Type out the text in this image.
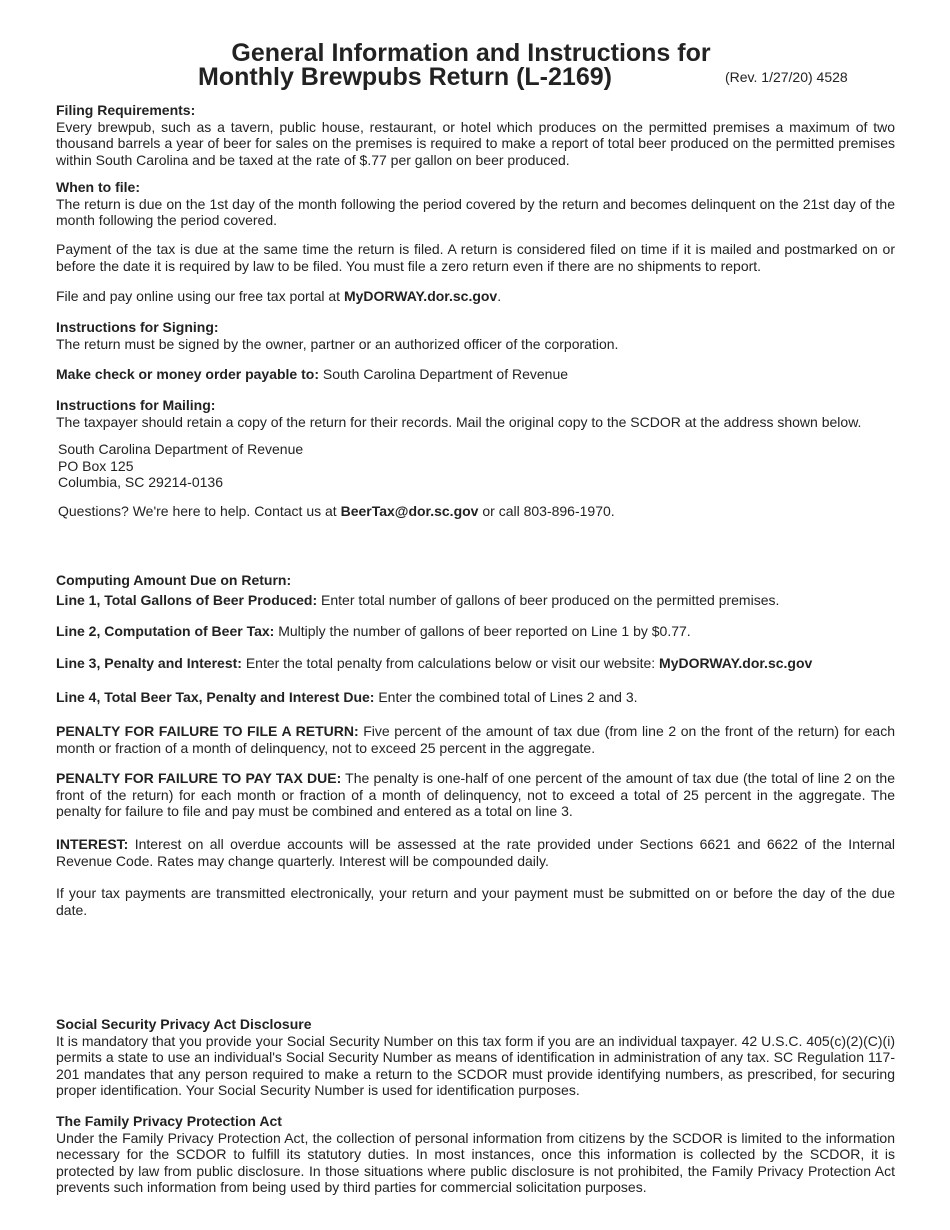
General Information and Instructions for
Monthly Brewpubs Return (L-2169)	(Rev. 1/27/20) 4528
Filing Requirements:

Every brewpub, such as a tavern, public house, restaurant, or hotel which produces on the permitted premises a maximum of two thousand barrels a year of beer for sales on the premises is required to make a report of total beer produced on the permitted premises within South Carolina and be taxed at the rate of $.77 per gallon on beer produced.

When to file:

The return is due on the 1st day of the month following the period covered by the return and becomes delinquent on the 21st day of the month following the period covered.

Payment of the tax is due at the same time the return is filed. A return is considered filed on time if it is mailed and postmarked on or before the date it is required by law to be filed. You must file a zero return even if there are no shipments to report.

File and pay online using our free tax portal at MyDORWAY.dor.sc.gov.

Instructions for Signing:

The return must be signed by the owner, partner or an authorized officer of the corporation.

Make check or money order payable to: South Carolina Department of Revenue

Instructions for Mailing:

The taxpayer should retain a copy of the return for their records. Mail the original copy to the SCDOR at the address shown below.

South Carolina Department of Revenue
PO Box 125
Columbia, SC 29214-0136

Questions? We're here to help. Contact us at BeerTax@dor.sc.gov or call 803-896-1970.

Computing Amount Due on Return:

Line 1, Total Gallons of Beer Produced: Enter total number of gallons of beer produced on the permitted premises.

Line 2, Computation of Beer Tax: Multiply the number of gallons of beer reported on Line 1 by $0.77.

Line 3, Penalty and Interest: Enter the total penalty from calculations below or visit our website: MyDORWAY.dor.sc.gov

Line 4, Total Beer Tax, Penalty and Interest Due: Enter the combined total of Lines 2 and 3.

PENALTY FOR FAILURE TO FILE A RETURN: Five percent of the amount of tax due (from line 2 on the front of the return) for each month or fraction of a month of delinquency, not to exceed 25 percent in the aggregate.

PENALTY FOR FAILURE TO PAY TAX DUE: The penalty is one-half of one percent of the amount of tax due (the total of line 2 on the front of the return) for each month or fraction of a month of delinquency, not to exceed a total of 25 percent in the aggregate. The penalty for failure to file and pay must be combined and entered as a total on line 3.

INTEREST: Interest on all overdue accounts will be assessed at the rate provided under Sections 6621 and 6622 of the Internal Revenue Code. Rates may change quarterly. Interest will be compounded daily.

If your tax payments are transmitted electronically, your return and your payment must be submitted on or before the day of the due date.

Social Security Privacy Act Disclosure

It is mandatory that you provide your Social Security Number on this tax form if you are an individual taxpayer. 42 U.S.C. 405(c)(2)(C)(i) permits a state to use an individual's Social Security Number as means of identification in administration of any tax. SC Regulation 117-201 mandates that any person required to make a return to the SCDOR must provide identifying numbers, as prescribed, for securing proper identification. Your Social Security Number is used for identification purposes.

The Family Privacy Protection Act

Under the Family Privacy Protection Act, the collection of personal information from citizens by the SCDOR is limited to the information necessary for the SCDOR to fulfill its statutory duties. In most instances, once this information is collected by the SCDOR, it is protected by law from public disclosure. In those situations where public disclosure is not prohibited, the Family Privacy Protection Act prevents such information from being used by third parties for commercial solicitation purposes.
